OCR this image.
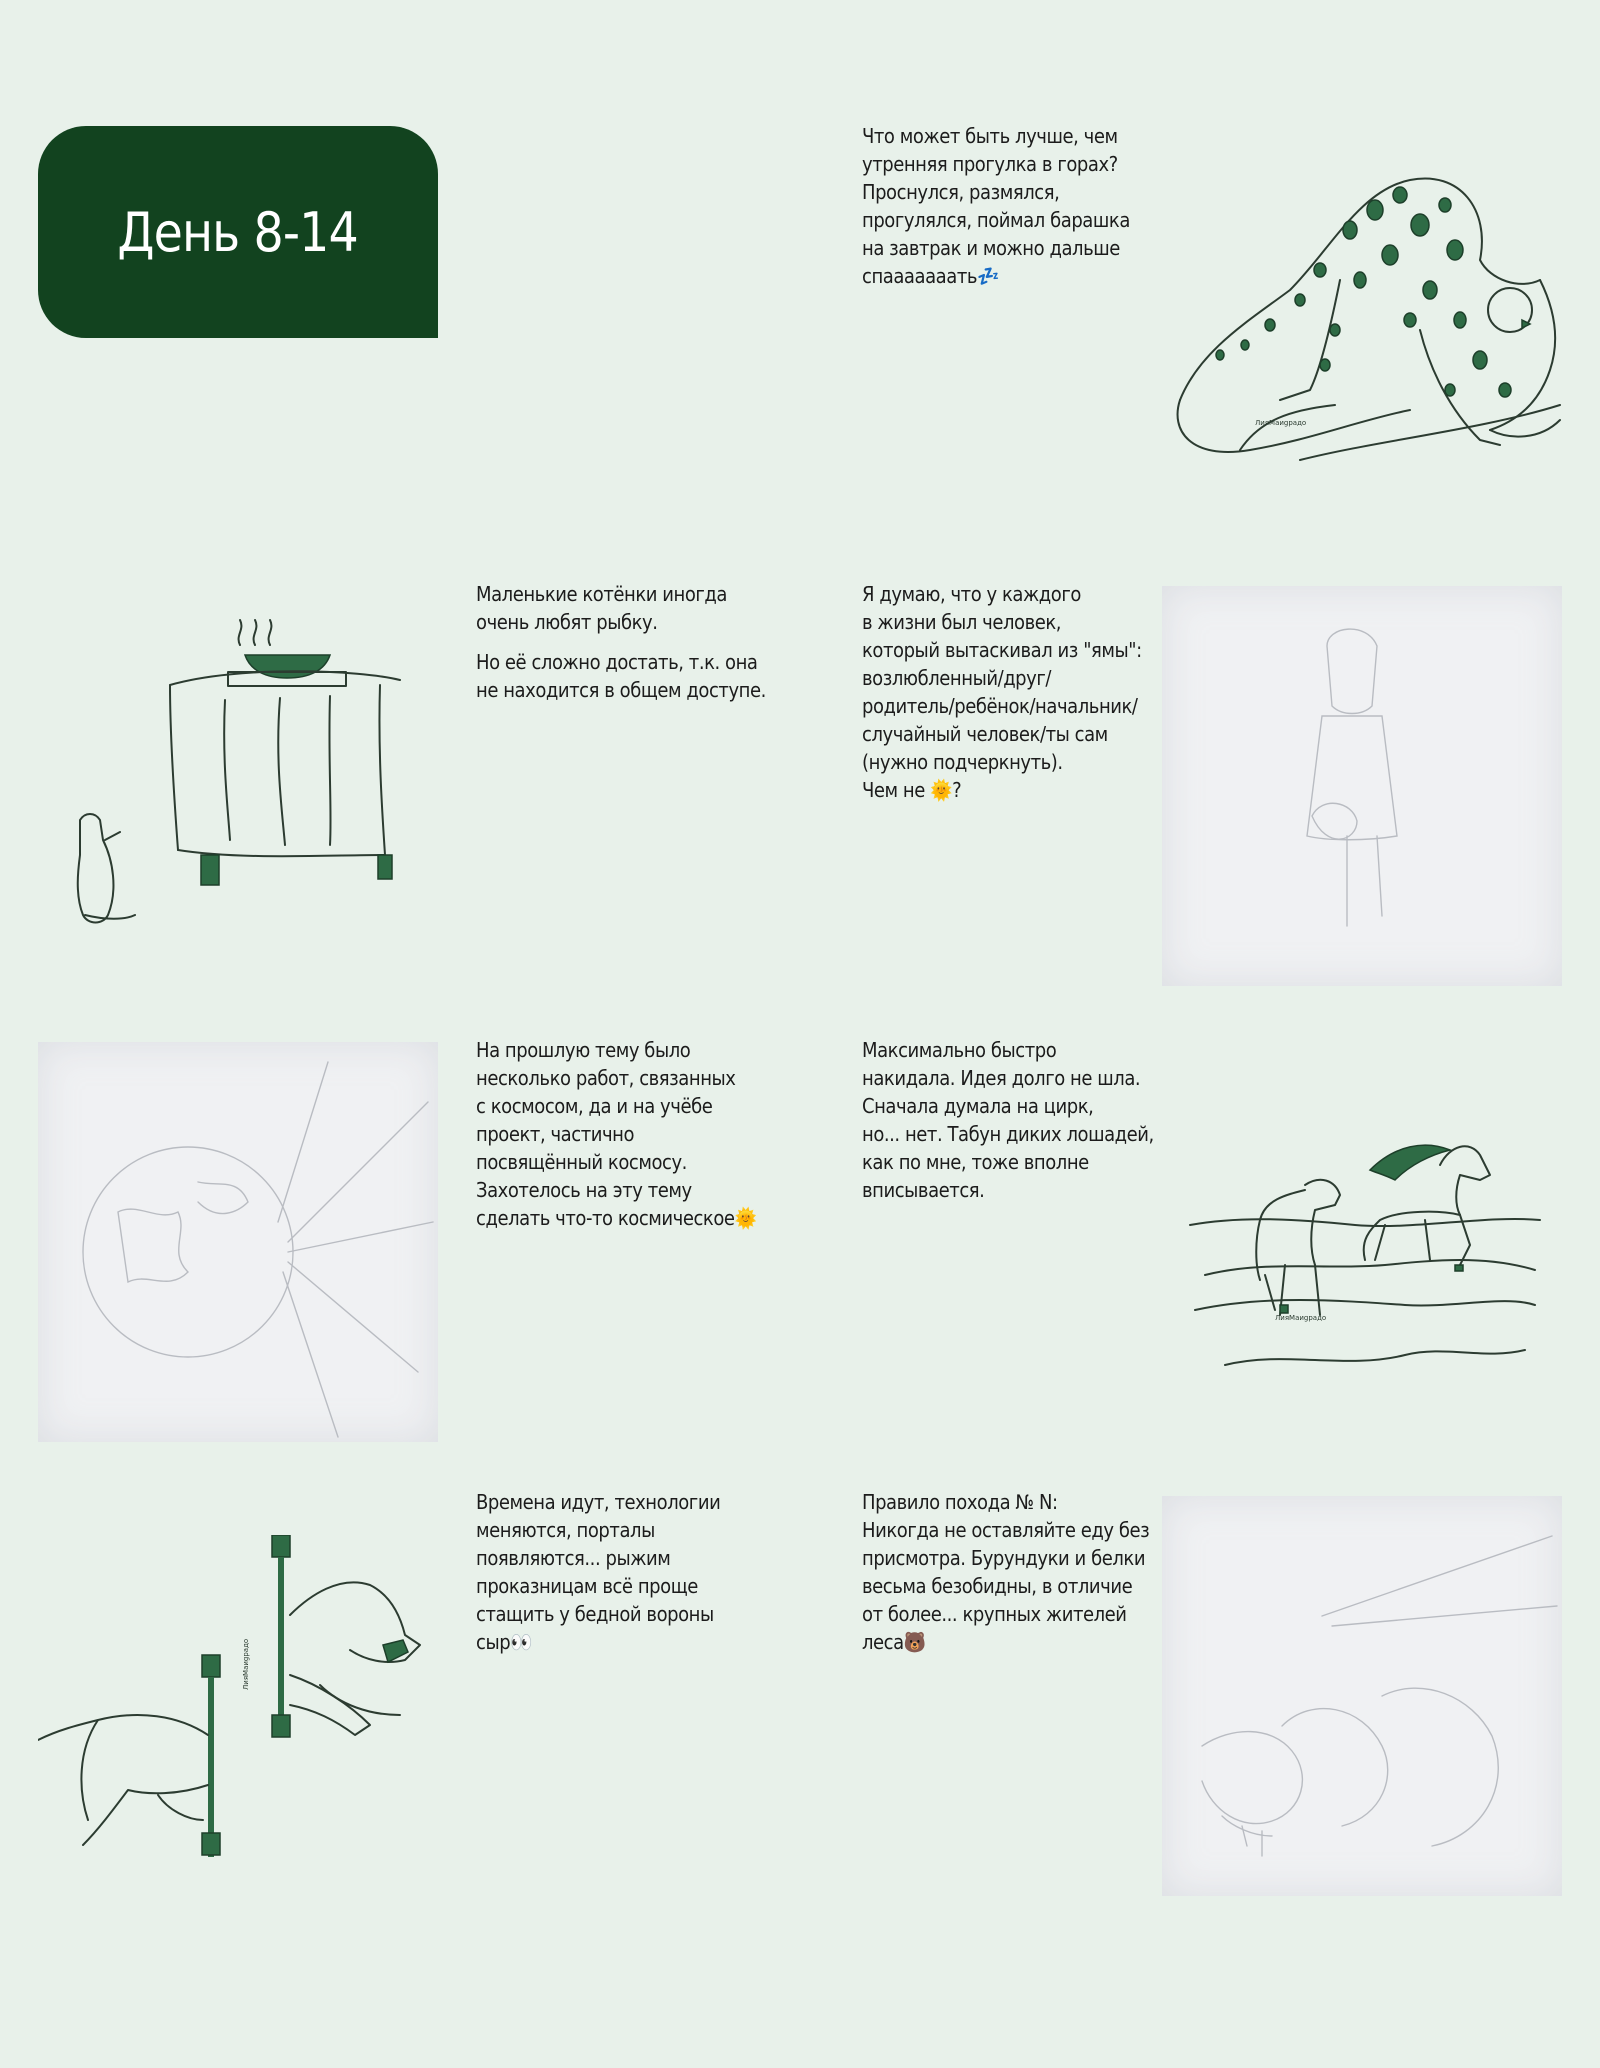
День 8-14
Что может быть лучше, чем
утренняя прогулка в горах?
Проснулся, размялся,
прогулялся, поймал барашка
на завтрак и можно дальше
спааааааать💤
ЛияМаиgрадо

Маленькие котёнки иногда
очень любят рыбку.

Но её сложно достать, т.к. она
не находится в общем доступе.

Я думаю, что у каждого
в жизни был человек,
который вытаскивал из "ямы":
возлюбленный/друг/
родитель/ребёнок/начальник/
случайный человек/ты сам
(нужно подчеркнуть).
Чем не 🌞?
На прошлую тему было
несколько работ, связанных
с космосом, да и на учёбе
проект, частично
посвящённый космосу.
Захотелось на эту тему
сделать что-то космическое🌞
Максимально быстро
накидала. Идея долго не шла.
Сначала думала на цирк,
но... нет. Табун диких лошадей,
как по мне, тоже вполне
вписывается.
ЛияМаиgрадо
ЛияМаиgрадо
Времена идут, технологии
меняются, порталы
появляются... рыжим
проказницам всё проще
стащить у бедной вороны
сыр👀
Правило похода № N:
Никогда не оставляйте еду без
присмотра. Бурундуки и белки
весьма безобидны, в отличие
от более... крупных жителей
леса🐻
